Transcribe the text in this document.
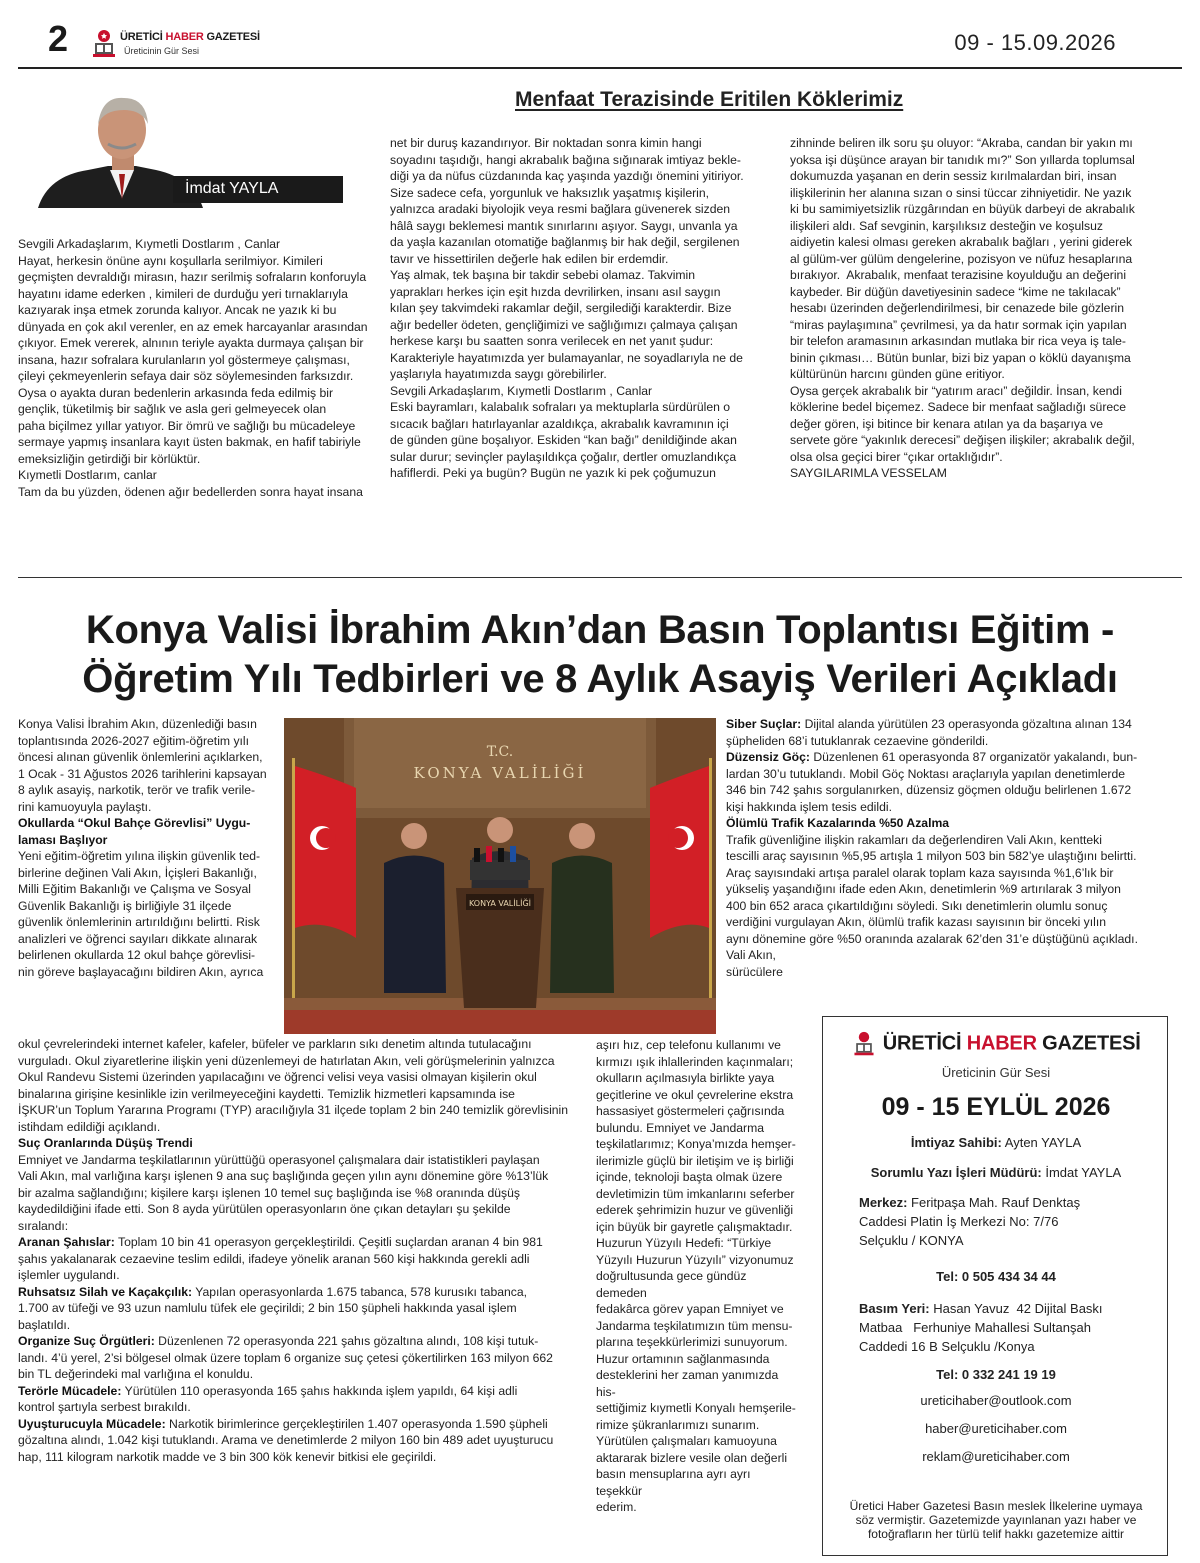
2	ÜRETİCİ HABER GAZETESİ
Üreticinin Gür Sesi	09 - 15.09.2026
Menfaat Terazisinde Eritilen Köklerimiz
İmdat YAYLA
Sevgili Arkadaşlarım, Kıymetli Dostlarım , Canlar
Hayat, herkesin önüne aynı koşullarla serilmiyor. Kimileri
geçmişten devraldığı mirasın, hazır serilmiş sofraların konforuyla
hayatını idame ederken , kimileri de durduğu yeri tırnaklarıyla
kazıyarak inşa etmek zorunda kalıyor. Ancak ne yazık ki bu
dünyada en çok akıl verenler, en az emek harcayanlar arasından
çıkıyor. Emek vererek, alnının teriyle ayakta durmaya çalışan bir
insana, hazır sofralara kurulanların yol göstermeye çalışması,
çileyi çekmeyenlerin sefaya dair söz söylemesinden farksızdır.
Oysa o ayakta duran bedenlerin arkasında feda edilmiş bir
gençlik, tüketilmiş bir sağlık ve asla geri gelmeyecek olan
paha biçilmez yıllar yatıyor. Bir ömrü ve sağlığı bu mücadeleye
sermaye yapmış insanlara kayıt üsten bakmak, en hafif tabiriyle
emeksizliğin getirdiği bir körlüktür.
Kıymetli Dostlarım, canlar
Tam da bu yüzden, ödenen ağır bedellerden sonra hayat insana
net bir duruş kazandırıyor. Bir noktadan sonra kimin hangi
soyadını taşıdığı, hangi akrabalık bağına sığınarak imtiyaz bekle-
diği ya da nüfus cüzdanında kaç yaşında yazdığı önemini yitiriyor.
Size sadece cefa, yorgunluk ve haksızlık yaşatmış kişilerin,
yalnızca aradaki biyolojik veya resmi bağlara güvenerek sizden
hâlâ saygı beklemesi mantık sınırlarını aşıyor. Saygı, unvanla ya
da yaşla kazanılan otomatiğe bağlanmış bir hak değil, sergilenen
tavır ve hissettirilen değerle hak edilen bir erdemdir.
Yaş almak, tek başına bir takdir sebebi olamaz. Takvimin
yaprakları herkes için eşit hızda devrilirken, insanı asıl saygın
kılan şey takvimdeki rakamlar değil, sergilediği karakterdir. Bize
ağır bedeller ödeten, gençliğimizi ve sağlığımızı çalmaya çalışan
herkese karşı bu saatten sonra verilecek en net yanıt şudur:
Karakteriyle hayatımızda yer bulamayanlar, ne soyadlarıyla ne de
yaşlarıyla hayatımızda saygı görebilirler.
Sevgili Arkadaşlarım, Kıymetli Dostlarım , Canlar
Eski bayramları, kalabalık sofraları ya mektuplarla sürdürülen o
sıcacık bağları hatırlayanlar azaldıkça, akrabalık kavramının içi
de günden güne boşalıyor. Eskiden “kan bağı” denildiğinde akan
sular durur; sevinçler paylaşıldıkça çoğalır, dertler omuzlandıkça
hafiflerdi. Peki ya bugün? Bugün ne yazık ki pek çoğumuzun
zihninde beliren ilk soru şu oluyor: “Akraba, candan bir yakın mı
yoksa işi düşünce arayan bir tanıdık mı?” Son yıllarda toplumsal
dokumuzda yaşanan en derin sessiz kırılmalardan biri, insan
ilişkilerinin her alanına sızan o sinsi tüccar zihniyetidir. Ne yazık
ki bu samimiyetsizlik rüzgârından en büyük darbeyi de akrabalık
ilişkileri aldı. Saf sevginin, karşılıksız desteğin ve koşulsuz
aidiyetin kalesi olması gereken akrabalık bağları , yerini giderek
al gülüm-ver gülüm dengelerine, pozisyon ve nüfuz hesaplarına
bırakıyor.  Akrabalık, menfaat terazisine koyulduğu an değerini
kaybeder. Bir düğün davetiyesinin sadece “kime ne takılacak”
hesabı üzerinden değerlendirilmesi, bir cenazede bile gözlerin
“miras paylaşımına” çevrilmesi, ya da hatır sormak için yapılan
bir telefon aramasının arkasından mutlaka bir rica veya iş tale-
binin çıkması… Bütün bunlar, bizi biz yapan o köklü dayanışma
kültürünün harcını günden güne eritiyor.
Oysa gerçek akrabalık bir “yatırım aracı” değildir. İnsan, kendi
köklerine bedel biçemez. Sadece bir menfaat sağladığı sürece
değer gören, işi bitince bir kenara atılan ya da başarıya ve
servete göre “yakınlık derecesi” değişen ilişkiler; akrabalık değil,
olsa olsa geçici birer “çıkar ortaklığıdır”.
SAYGILARIMLA VESSELAM
Konya Valisi İbrahim Akın’dan Basın Toplantısı Eğitim - Öğretim Yılı Tedbirleri ve 8 Aylık Asayiş Verileri Açıkladı
Konya Valisi İbrahim Akın, düzenlediği basın
toplantısında 2026-2027 eğitim-öğretim yılı
öncesi alınan güvenlik önlemlerini açıklarken,
1 Ocak - 31 Ağustos 2026 tarihlerini kapsayan
8 aylık asayiş, narkotik, terör ve trafik verile-
rini kamuoyuyla paylaştı.
Okullarda “Okul Bahçe Görevlisi” Uygu-
laması Başlıyor
Yeni eğitim-öğretim yılına ilişkin güvenlik ted-
birlerine değinen Vali Akın, İçişleri Bakanlığı,
Milli Eğitim Bakanlığı ve Çalışma ve Sosyal
Güvenlik Bakanlığı iş birliğiyle 31 ilçede
güvenlik önlemlerinin artırıldığını belirtti. Risk
analizleri ve öğrenci sayıları dikkate alınarak
belirlenen okullarda 12 okul bahçe görevlisi-
nin göreve başlayacağını bildiren Akın, ayrıca
T.C.
KONYA VALİLİĞİ
KONYA VALİLİĞİ
okul çevrelerindeki internet kafeler, kafeler, büfeler ve parkların sıkı denetim altında tutulacağını
vurguladı. Okul ziyaretlerine ilişkin yeni düzenlemeyi de hatırlatan Akın, veli görüşmelerinin yalnızca
Okul Randevu Sistemi üzerinden yapılacağını ve öğrenci velisi veya vasisi olmayan kişilerin okul
binalarına girişine kesinlikle izin verilmeyeceğini kaydetti. Temizlik hizmetleri kapsamında ise
İŞKUR’un Toplum Yararına Programı (TYP) aracılığıyla 31 ilçede toplam 2 bin 240 temizlik görevlisinin
istihdam edildiği açıklandı.
Suç Oranlarında Düşüş Trendi
Emniyet ve Jandarma teşkilatlarının yürüttüğü operasyonel çalışmalara dair istatistikleri paylaşan
Vali Akın, mal varlığına karşı işlenen 9 ana suç başlığında geçen yılın aynı dönemine göre %13’lük
bir azalma sağlandığını; kişilere karşı işlenen 10 temel suç başlığında ise %8 oranında düşüş
kaydedildiğini ifade etti. Son 8 ayda yürütülen operasyonların öne çıkan detayları şu şekilde
sıralandı:
Aranan Şahıslar: Toplam 10 bin 41 operasyon gerçekleştirildi. Çeşitli suçlardan aranan 4 bin 981
şahıs yakalanarak cezaevine teslim edildi, ifadeye yönelik aranan 560 kişi hakkında gerekli adli
işlemler uygulandı.
Ruhsatsız Silah ve Kaçakçılık: Yapılan operasyonlarda 1.675 tabanca, 578 kurusıkı tabanca,
1.700 av tüfeği ve 93 uzun namlulu tüfek ele geçirildi; 2 bin 150 şüpheli hakkında yasal işlem
başlatıldı.
Organize Suç Örgütleri: Düzenlenen 72 operasyonda 221 şahıs gözaltına alındı, 108 kişi tutuk-
landı. 4’ü yerel, 2’si bölgesel olmak üzere toplam 6 organize suç çetesi çökertilirken 163 milyon 662
bin TL değerindeki mal varlığına el konuldu.
Terörle Mücadele: Yürütülen 110 operasyonda 165 şahıs hakkında işlem yapıldı, 64 kişi adli
kontrol şartıyla serbest bırakıldı.
Uyuşturucuyla Mücadele: Narkotik birimlerince gerçekleştirilen 1.407 operasyonda 1.590 şüpheli
gözaltına alındı, 1.042 kişi tutuklandı. Arama ve denetimlerde 2 milyon 160 bin 489 adet uyuşturucu
hap, 111 kilogram narkotik madde ve 3 bin 300 kök kenevir bitkisi ele geçirildi.
Siber Suçlar: Dijital alanda yürütülen 23 operasyonda gözaltına alınan 134
şüpheliden 68’i tutuklanrak cezaevine gönderildi.
Düzensiz Göç: Düzenlenen 61 operasyonda 87 organizatör yakalandı, bun-
lardan 30’u tutuklandı. Mobil Göç Noktası araçlarıyla yapılan denetimlerde
346 bin 742 şahıs sorgulanırken, düzensiz göçmen olduğu belirlenen 1.672
kişi hakkında işlem tesis edildi.
Ölümlü Trafik Kazalarında %50 Azalma
Trafik güvenliğine ilişkin rakamları da değerlendiren Vali Akın, kentteki
tescilli araç sayısının %5,95 artışla 1 milyon 503 bin 582’ye ulaştığını belirtti.
Araç sayısındaki artışa paralel olarak toplam kaza sayısında %1,6’lık bir
yükseliş yaşandığını ifade eden Akın, denetimlerin %9 artırılarak 3 milyon
400 bin 652 araca çıkartıldığını söyledi. Sıkı denetimlerin olumlu sonuç
verdiğini vurgulayan Akın, ölümlü trafik kazası sayısının bir önceki yılın
aynı dönemine göre %50 oranında azalarak 62’den 31’e düştüğünü açıkladı.
Vali Akın,
sürücülere
aşırı hız, cep telefonu kullanımı ve
kırmızı ışık ihlallerinden kaçınmaları;
okulların açılmasıyla birlikte yaya
geçitlerine ve okul çevrelerine ekstra
hassasiyet göstermeleri çağrısında
bulundu. Emniyet ve Jandarma
teşkilatlarımız; Konya’mızda hemşer-
ilerimizle güçlü bir iletişim ve iş birliği
içinde, teknoloji başta olmak üzere
devletimizin tüm imkanlarını seferber
ederek şehrimizin huzur ve güvenliği
için büyük bir gayretle çalışmaktadır.
Huzurun Yüzyılı Hedefi: “Türkiye
Yüzyılı Huzurun Yüzyılı” vizyonumuz
doğrultusunda gece gündüz demeden
fedakârca görev yapan Emniyet ve
Jandarma teşkilatımızın tüm mensu-
plarına teşekkürlerimizi sunuyorum.
Huzur ortamının sağlanmasında
desteklerini her zaman yanımızda his-
settiğimiz kıymetli Konyalı hemşerile-
rimize şükranlarımızı sunarım.
Yürütülen çalışmaları kamuoyuna
aktararak bizlere vesile olan değerli
basın mensuplarına ayrı ayrı teşekkür
ederim.
ÜRETİCİ HABER GAZETESİ
Üreticinin Gür Sesi
09 - 15 EYLÜL 2026
İmtiyaz Sahibi: Ayten YAYLA
Sorumlu Yazı İşleri Müdürü: İmdat YAYLA
Merkez: Feritpaşa Mah. Rauf Denktaş
Caddesi Platin İş Merkezi No: 7/76
Selçuklu / KONYA
Tel: 0 505 434 34 44
Basım Yeri: Hasan Yavuz  42 Dijital Baskı
Matbaa   Ferhuniye Mahallesi Sultanşah
Caddedi 16 B Selçuklu /Konya
Tel: 0 332 241 19 19
ureticihaber@outlook.com
haber@ureticihaber.com
reklam@ureticihaber.com
Üretici Haber Gazetesi Basın meslek İlkelerine uymaya söz vermiştir. Gazetemizde yayınlanan yazı haber ve fotoğrafların her türlü telif hakkı gazetemize aittir
